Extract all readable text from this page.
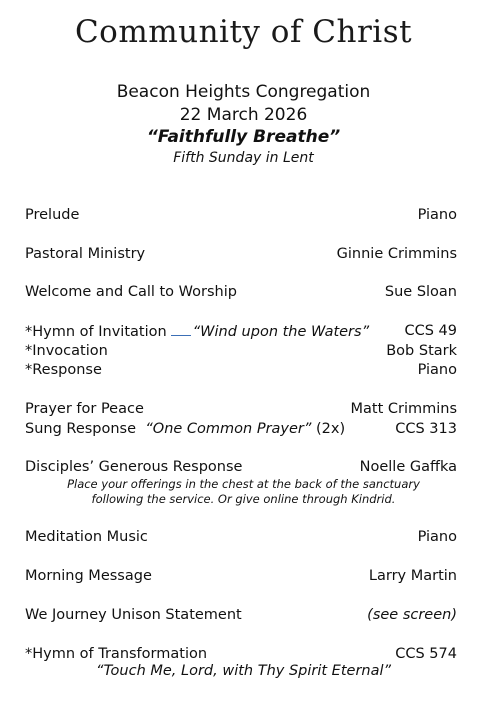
Community of Christ
Beacon Heights Congregation
22 March 2026
“Faithfully Breathe”
Fifth Sunday in Lent
Prelude	Piano
Pastoral Ministry	Ginnie Crimmins
Welcome and Call to Worship	Sue Sloan
*Hymn of Invitation “Wind upon the Waters” CCS 49
*Invocation	Bob Stark
*Response	Piano
Prayer for Peace	Matt Crimmins
Sung Response “One Common Prayer” (2x)	CCS 313
Disciples’ Generous Response	Noelle Gaffka
Place your offerings in the chest at the back of the sanctuary
following the service. Or give online through Kindrid.
Meditation Music	Piano
Morning Message	Larry Martin
We Journey Unison Statement	(see screen)
*Hymn of Transformation	CCS 574
“Touch Me, Lord, with Thy Spirit Eternal”
